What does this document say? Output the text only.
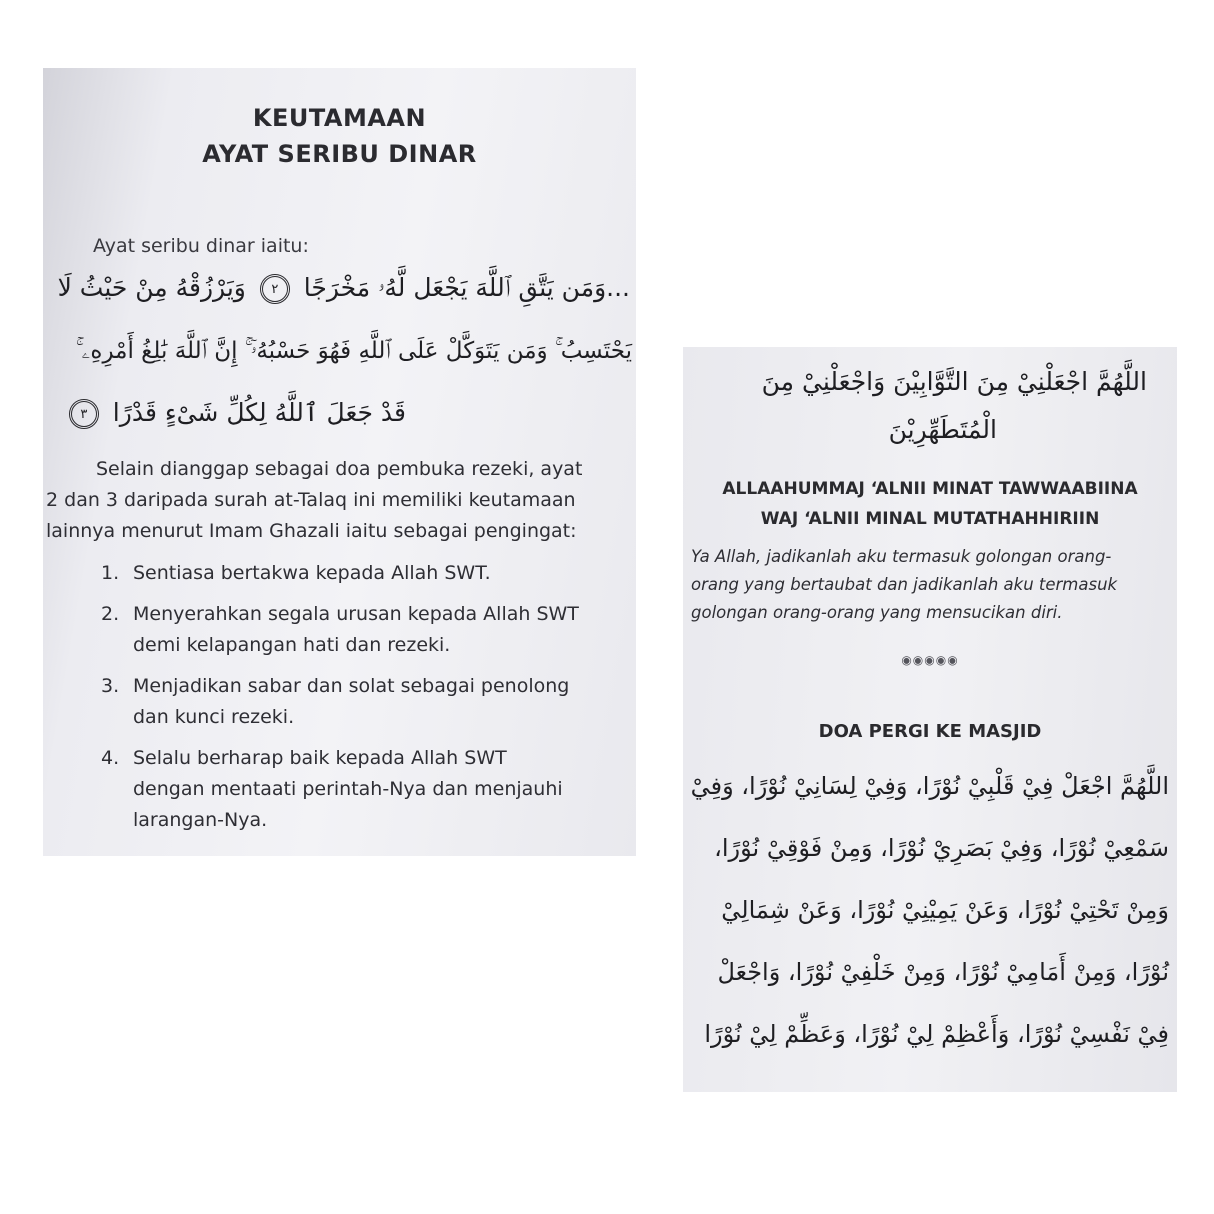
KEUTAMAAN
AYAT SERIBU DINAR
Ayat seribu dinar iaitu:
...وَمَن يَتَّقِ ٱللَّهَ يَجْعَل لَّهُۥ مَخْرَجًا ٢ وَيَرْزُقْهُ مِنْ حَيْثُ لَا
يَحْتَسِبُ ۚ وَمَن يَتَوَكَّلْ عَلَى ٱللَّهِ فَهُوَ حَسْبُهُۥٓ ۚ إِنَّ ٱللَّهَ بَٰلِغُ أَمْرِهِۦ ۚ
قَدْ جَعَلَ ٱللَّهُ لِكُلِّ شَىْءٍ قَدْرًا ٣

Selain dianggap sebagai doa pembuka rezeki, ayat

2 dan 3 daripada surah at-Talaq ini memiliki keutamaan

lainnya menurut Imam Ghazali iaitu sebagai pengingat:

1. Sentiasa bertakwa kepada Allah SWT.
2. Menyerahkan segala urusan kepada Allah SWT
demi kelapangan hati dan rezeki.
3. Menjadikan sabar dan solat sebagai penolong
dan kunci rezeki.
4. Selalu berharap baik kepada Allah SWT
dengan mentaati perintah-Nya dan menjauhi
larangan-Nya.
اللَّهُمَّ اجْعَلْنِيْ مِنَ التَّوَّابِيْنَ وَاجْعَلْنِيْ مِنَ
الْمُتَطَهِّرِيْنَ

ALLAAHUMMAJ ‘ALNII MINAT TAWWAABIINA

WAJ ‘ALNII MINAL MUTATHAHHIRIIN

Ya Allah, jadikanlah aku termasuk golongan orang-
orang yang bertaubat dan jadikanlah aku termasuk
golongan orang-orang yang mensucikan diri.
◉◉◉◉◉
DOA PERGI KE MASJID
اللَّهُمَّ اجْعَلْ فِيْ قَلْبِيْ نُوْرًا، وَفِيْ لِسَانِيْ نُوْرًا، وَفِيْ
سَمْعِيْ نُوْرًا، وَفِيْ بَصَرِيْ نُوْرًا، وَمِنْ فَوْقِيْ نُوْرًا،
وَمِنْ تَحْتِيْ نُوْرًا، وَعَنْ يَمِيْنِيْ نُوْرًا، وَعَنْ شِمَالِيْ
نُوْرًا، وَمِنْ أَمَامِيْ نُوْرًا، وَمِنْ خَلْفِيْ نُوْرًا، وَاجْعَلْ
فِيْ نَفْسِيْ نُوْرًا، وَأَعْظِمْ لِيْ نُوْرًا، وَعَظِّمْ لِيْ نُوْرًا
